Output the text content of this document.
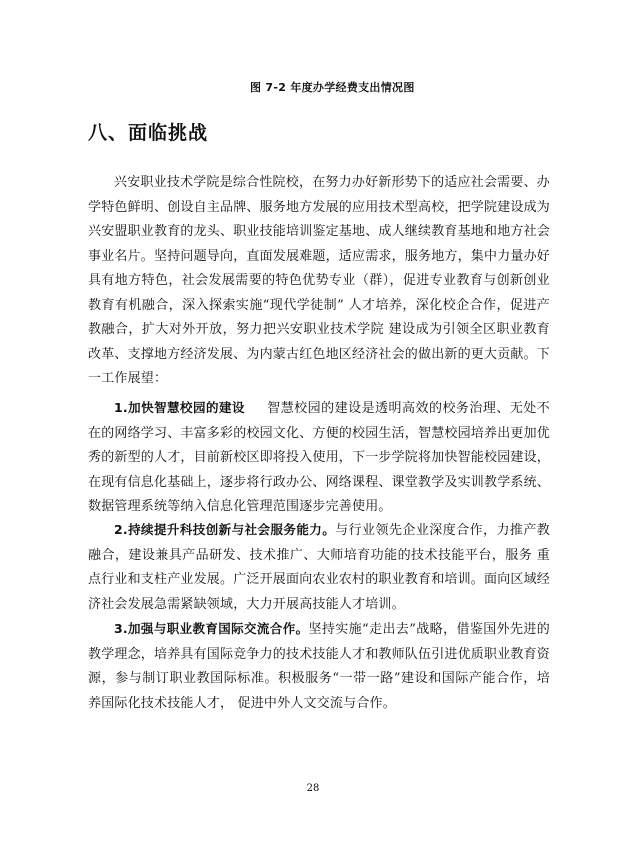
图 7-2 年度办学经费支出情况图
八、面临挑战
兴安职业技术学院是综合性院校，在努力办好新形势下的适应社会需要、办学特色鲜明、创设自主品牌、服务地方发展的应用技术型高校，把学院建设成为兴安盟职业教育的龙头、职业技能培训鉴定基地、成人继续教育基地和地方社会事业名片。坚持问题导向，直面发展难题，适应需求，服务地方，集中力量办好具有地方特色，社会发展需要的特色优势专业（群），促进专业教育与创新创业教育有机融合，深入探索实施“现代学徒制” 人才培养，深化校企合作，促进产教融合，扩大对外开放，努力把兴安职业技术学院 建设成为引领全区职业教育改革、支撑地方经济发展、为内蒙古红色地区经济社会的做出新的更大贡献。下一工作展望：
1.加快智慧校园的建设 智慧校园的建设是透明高效的校务治理、无处不在的网络学习、丰富多彩的校园文化、方便的校园生活，智慧校园培养出更加优秀的新型的人才，目前新校区即将投入使用，下一步学院将加快智能校园建设，在现有信息化基础上，逐步将行政办公、网络课程、课堂教学及实训教学系统、数据管理系统等纳入信息化管理范围逐步完善使用。
2.持续提升科技创新与社会服务能力。与行业领先企业深度合作，力推产教融合，建设兼具产品研发、技术推广、大师培育功能的技术技能平台，服务 重点行业和支柱产业发展。广泛开展面向农业农村的职业教育和培训。面向区域经济社会发展急需紧缺领域，大力开展高技能人才培训。
3.加强与职业教育国际交流合作。坚持实施“走出去”战略，借鉴国外先进的教学理念，培养具有国际竞争力的技术技能人才和教师队伍引进优质职业教育资源，参与制订职业教国际标准。积极服务“一带一路”建设和国际产能合作，培养国际化技术技能人才， 促进中外人文交流与合作。
28
